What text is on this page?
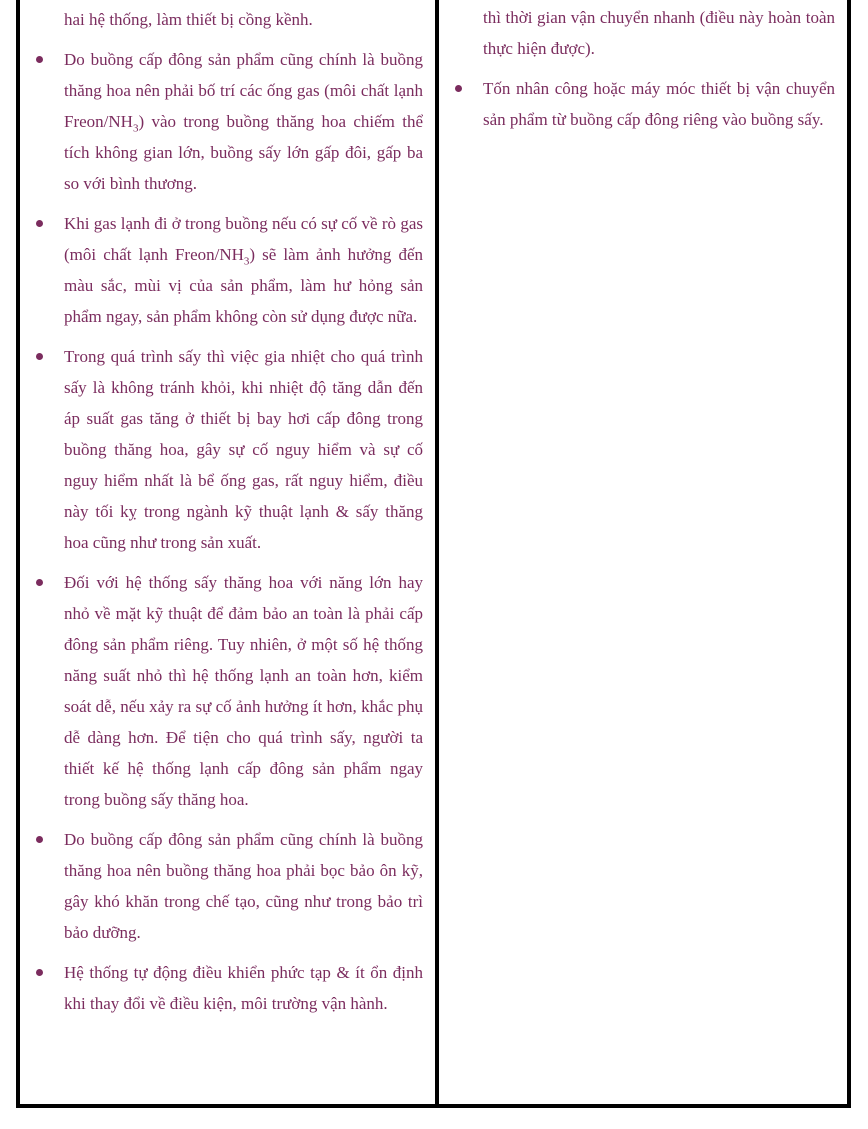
hai hệ thống, làm thiết bị cồng kềnh.

Do buồng cấp đông sản phẩm cũng chính là buồng thăng hoa nên phải bố trí các ống gas (môi chất lạnh Freon/$NH_3$) vào trong buồng thăng hoa chiếm thể tích không gian lớn, buồng sấy lớn gấp đôi, gấp ba so với bình thương.
Khi gas lạnh đi ở trong buồng nếu có sự cố về rò gas (môi chất lạnh Freon/$NH_3$) sẽ làm ảnh hưởng đến màu sắc, mùi vị của sản phẩm, làm hư hỏng sản phẩm ngay, sản phẩm không còn sử dụng được nữa.
Trong quá trình sấy thì việc gia nhiệt cho quá trình sấy là không tránh khỏi, khi nhiệt độ tăng dẫn đến áp suất gas tăng ở thiết bị bay hơi cấp đông trong buồng thăng hoa, gây sự cố nguy hiểm và sự cố nguy hiểm nhất là bể ống gas, rất nguy hiểm, điều này tối kỵ trong ngành kỹ thuật lạnh & sấy thăng hoa cũng như trong sản xuất.
Đối với hệ thống sấy thăng hoa với năng lớn hay nhỏ về mặt kỹ thuật để đảm bảo an toàn là phải cấp đông sản phẩm riêng. Tuy nhiên, ở một số hệ thống năng suất nhỏ thì hệ thống lạnh an toàn hơn, kiểm soát dễ, nếu xảy ra sự cố ảnh hưởng ít hơn, khắc phụ dễ dàng hơn. Để tiện cho quá trình sấy, người ta thiết kế hệ thống lạnh cấp đông sản phẩm ngay trong buồng sấy thăng hoa.
Do buồng cấp đông sản phẩm cũng chính là buồng thăng hoa nên buồng thăng hoa phải bọc bảo ôn kỹ, gây khó khăn trong chế tạo, cũng như trong bảo trì bảo dưỡng.
Hệ thống tự động điều khiển phức tạp & ít ổn định khi thay đổi về điều kiện, môi trường vận hành.

thì thời gian vận chuyển nhanh (điều này hoàn toàn thực hiện được).

Tốn nhân công hoặc máy móc thiết bị vận chuyển sản phẩm từ buồng cấp đông riêng vào buồng sấy.
